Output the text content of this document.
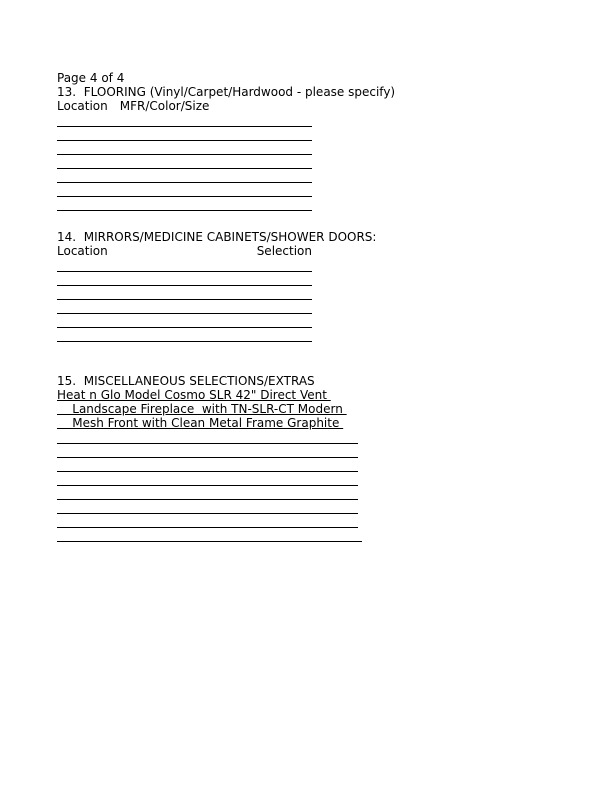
Page 4 of 4
13.  FLOORING (Vinyl/Carpet/Hardwood - please specify)
Location MFR/Color/Size
14.  MIRRORS/MEDICINE CABINETS/SHOWER DOORS:
Location	Selection
15.  MISCELLANEOUS SELECTIONS/EXTRAS
Heat n Glo Model Cosmo SLR 42" Direct Vent
Landscape Fireplace  with TN-SLR-CT Modern
Mesh Front with Clean Metal Frame Graphite
